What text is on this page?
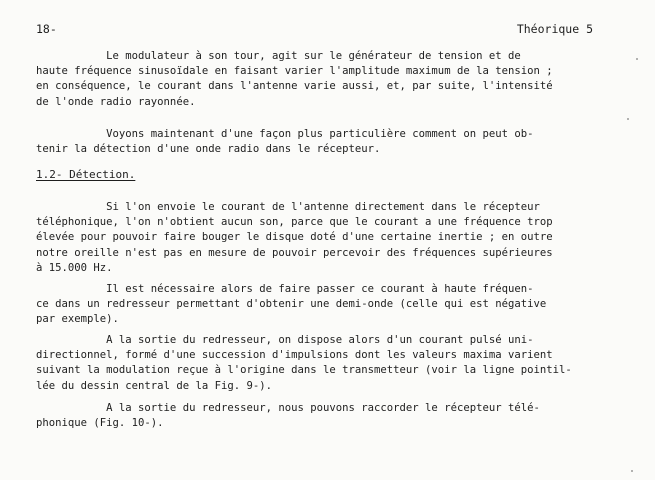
18-	Théorique 5
Le modulateur à son tour, agit sur le générateur de tension et de
haute fréquence sinusoïdale en faisant varier l'amplitude maximum de la tension ;
en conséquence, le courant dans l'antenne varie aussi, et, par suite, l'intensité
de l'onde radio rayonnée.
Voyons maintenant d'une façon plus particulière comment on peut ob-
tenir la détection d'une onde radio dans le récepteur.
1.2- Détection.
Si l'on envoie le courant de l'antenne directement dans le récepteur
téléphonique, l'on n'obtient aucun son, parce que le courant a une fréquence trop
élevée pour pouvoir faire bouger le disque doté d'une certaine inertie ; en outre
notre oreille n'est pas en mesure de pouvoir percevoir des fréquences supérieures
à 15.000 Hz.
Il est nécessaire alors de faire passer ce courant à haute fréquen-
ce dans un redresseur permettant d'obtenir une demi-onde (celle qui est négative
par exemple).
A la sortie du redresseur, on dispose alors d'un courant pulsé uni-
directionnel, formé d'une succession d'impulsions dont les valeurs maxima varient
suivant la modulation reçue à l'origine dans le transmetteur (voir la ligne pointil-
lée du dessin central de la Fig. 9-).
A la sortie du redresseur, nous pouvons raccorder le récepteur télé-
phonique (Fig. 10-).
